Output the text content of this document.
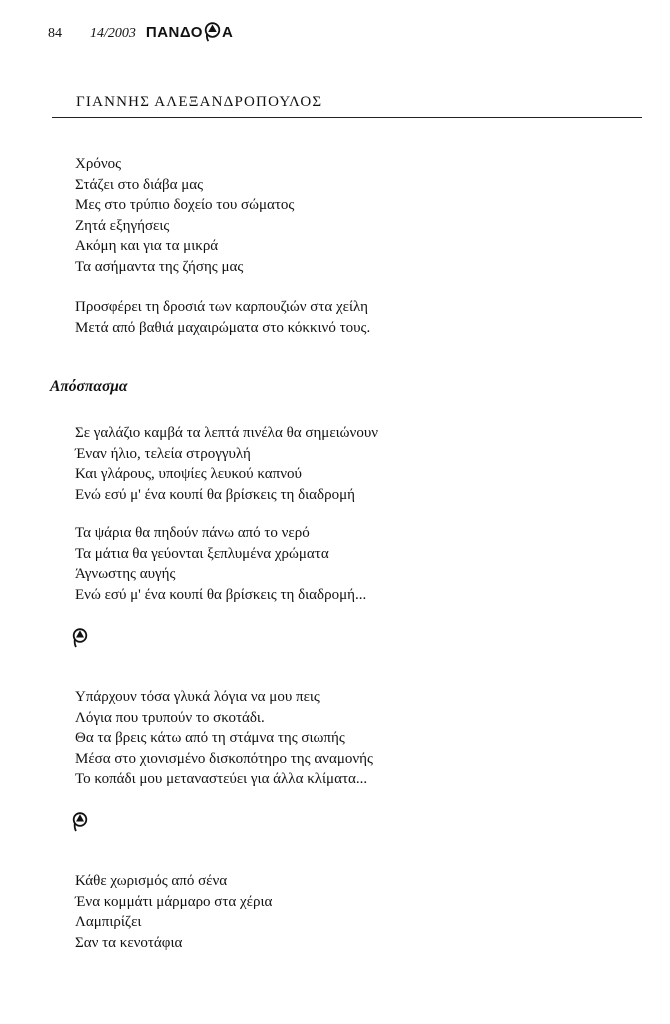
84	14/2003 ΠΑΝΔΟ Α
ΓΙΑΝΝΗΣ ΑΛΕΞΑΝΔΡΟΠΟΥΛΟΣ
Χρόνος
Στάζει στο διάβα μας
Μες στο τρύπιο δοχείο του σώματος
Ζητά εξηγήσεις
Ακόμη και για τα μικρά
Τα ασήμαντα της ζήσης μας
Προσφέρει τη δροσιά των καρπουζιών στα χείλη
Μετά από βαθιά μαχαιρώματα στο κόκκινό τους.
Απόσπασμα
Σε γαλάζιο καμβά τα λεπτά πινέλα θα σημειώνουν
Έναν ήλιο, τελεία στρογγυλή
Και γλάρους, υποψίες λευκού καπνού
Ενώ εσύ μ' ένα κουπί θα βρίσκεις τη διαδρομή
Τα ψάρια θα πηδούν πάνω από το νερό
Τα μάτια θα γεύονται ξεπλυμένα χρώματα
Άγνωστης αυγής
Ενώ εσύ μ' ένα κουπί θα βρίσκεις τη διαδρομή...
Υπάρχουν τόσα γλυκά λόγια να μου πεις
Λόγια που τρυπούν το σκοτάδι.
Θα τα βρεις κάτω από τη στάμνα της σιωπής
Μέσα στο χιονισμένο δισκοπότηρο της αναμονής
Το κοπάδι μου μεταναστεύει για άλλα κλίματα...
Κάθε χωρισμός από σένα
Ένα κομμάτι μάρμαρο στα χέρια
Λαμπιρίζει
Σαν τα κενοτάφια
